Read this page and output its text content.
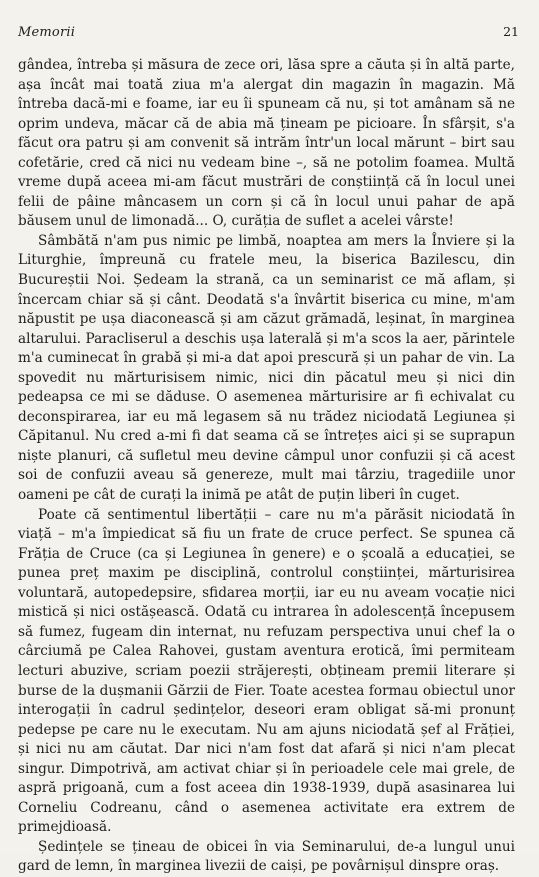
Memorii	21

gândea, întreba și măsura de zece ori, lăsa spre a căuta și în altă parte, așa încât mai toată ziua m'a alergat din magazin în magazin. Mă întreba dacă-mi e foame, iar eu îi spuneam că nu, și tot amânam să ne oprim undeva, măcar că de abia mă țineam pe picioare. În sfârșit, s'a făcut ora patru și am convenit să intrăm într'un local mărunt – birt sau cofetărie, cred că nici nu vedeam bine –, să ne potolim foamea. Multă vreme după aceea mi-am făcut mustrări de conștiință că în locul unei felii de pâine mâncasem un corn și că în locul unui pahar de apă băusem unul de limonadă... O, curăția de suflet a acelei vârste!

Sâmbătă n'am pus nimic pe limbă, noaptea am mers la Înviere și la Liturghie, împreună cu fratele meu, la biserica Bazilescu, din Bucureștii Noi. Ședeam la strană, ca un seminarist ce mă aflam, și încercam chiar să și cânt. Deodată s'a învârtit biserica cu mine, m'am năpustit pe ușa diaconească și am căzut grămadă, leșinat, în marginea altarului. Paracliserul a deschis ușa laterală și m'a scos la aer, părintele m'a cuminecat în grabă și mi-a dat apoi prescură și un pahar de vin. La spovedit nu mărturisisem nimic, nici din păcatul meu și nici din pedeapsa ce mi se dăduse. O asemenea mărturisire ar fi echivalat cu deconspirarea, iar eu mă legasem să nu trădez niciodată Legiunea și Căpitanul. Nu cred a-mi fi dat seama că se întrețes aici și se suprapun niște planuri, că sufletul meu devine câmpul unor confuzii și că acest soi de confuzii aveau să genereze, mult mai târziu, tragediile unor oameni pe cât de curați la inimă pe atât de puțin liberi în cuget.

Poate că sentimentul libertății – care nu m'a părăsit niciodată în viață – m'a împiedicat să fiu un frate de cruce perfect. Se spunea că Frăția de Cruce (ca și Legiunea în genere) e o școală a educației, se punea preț maxim pe disciplină, controlul conștiinței, mărturisirea voluntară, autopedepsire, sfidarea morții, iar eu nu aveam vocație nici mistică și nici ostășească. Odată cu intrarea în adolescență începusem să fumez, fugeam din internat, nu refuzam perspectiva unui chef la o cârciumă pe Calea Rahovei, gustam aventura erotică, îmi permiteam lecturi abuzive, scriam poezii străjerești, obțineam premii literare și burse de la dușmanii Gărzii de Fier. Toate acestea formau obiectul unor interogații în cadrul ședințelor, deseori eram obligat să-mi pronunț pedepse pe care nu le executam. Nu am ajuns niciodată șef al Frăției, și nici nu am căutat. Dar nici n'am fost dat afară și nici n'am plecat singur. Dimpotrivă, am activat chiar și în perioadele cele mai grele, de aspră prigoană, cum a fost aceea din 1938-1939, după asasinarea lui Corneliu Codreanu, când o asemenea activitate era extrem de primejdioasă.

Ședințele se țineau de obicei în via Seminarului, de-a lungul unui gard de lemn, în marginea livezii de caiși, pe povârnișul dinspre oraș.
